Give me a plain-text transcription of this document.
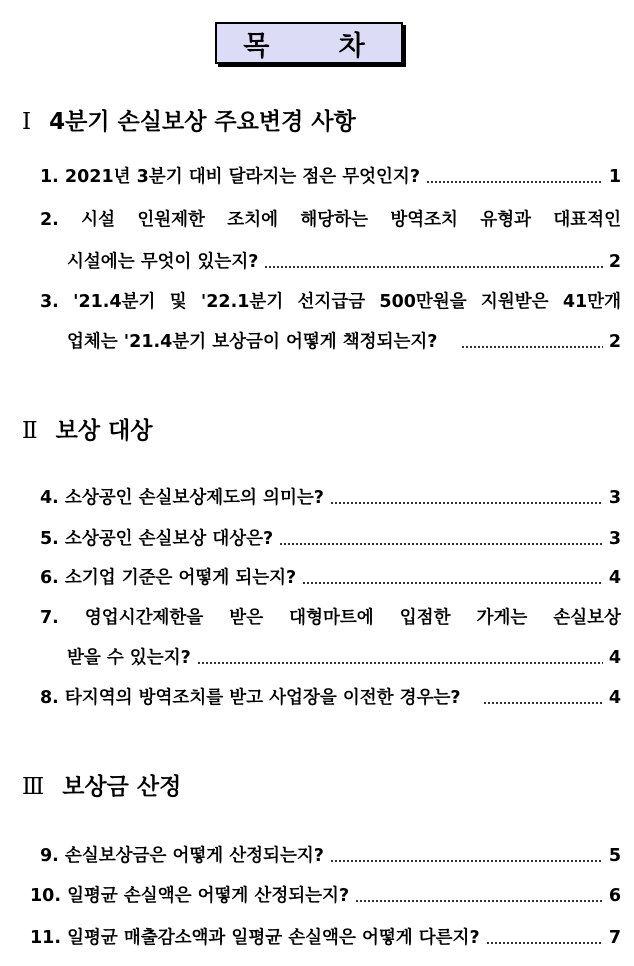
목 차
Ⅰ 4분기 손실보상 주요변경 사항
1. 2021년 3분기 대비 달라지는 점은 무엇인지?	1
2. 시설 인원제한 조치에 해당하는 방역조치 유형과 대표적인
시설에는 무엇이 있는지?	2
3. '21.4분기 및 '22.1분기 선지급금 500만원을 지원받은 41만개
업체는 '21.4분기 보상금이 어떻게 책정되는지?	2
Ⅱ 보상 대상
4. 소상공인 손실보상제도의 의미는?	3
5. 소상공인 손실보상 대상은?	3
6. 소기업 기준은 어떻게 되는지?	4
7. 영업시간제한을 받은 대형마트에 입점한 가게는 손실보상
받을 수 있는지?	4
8. 타지역의 방역조치를 받고 사업장을 이전한 경우는?	4
Ⅲ 보상금 산정
9. 손실보상금은 어떻게 산정되는지?	5
10. 일평균 손실액은 어떻게 산정되는지?	6
11. 일평균 매출감소액과 일평균 손실액은 어떻게 다른지?	7
